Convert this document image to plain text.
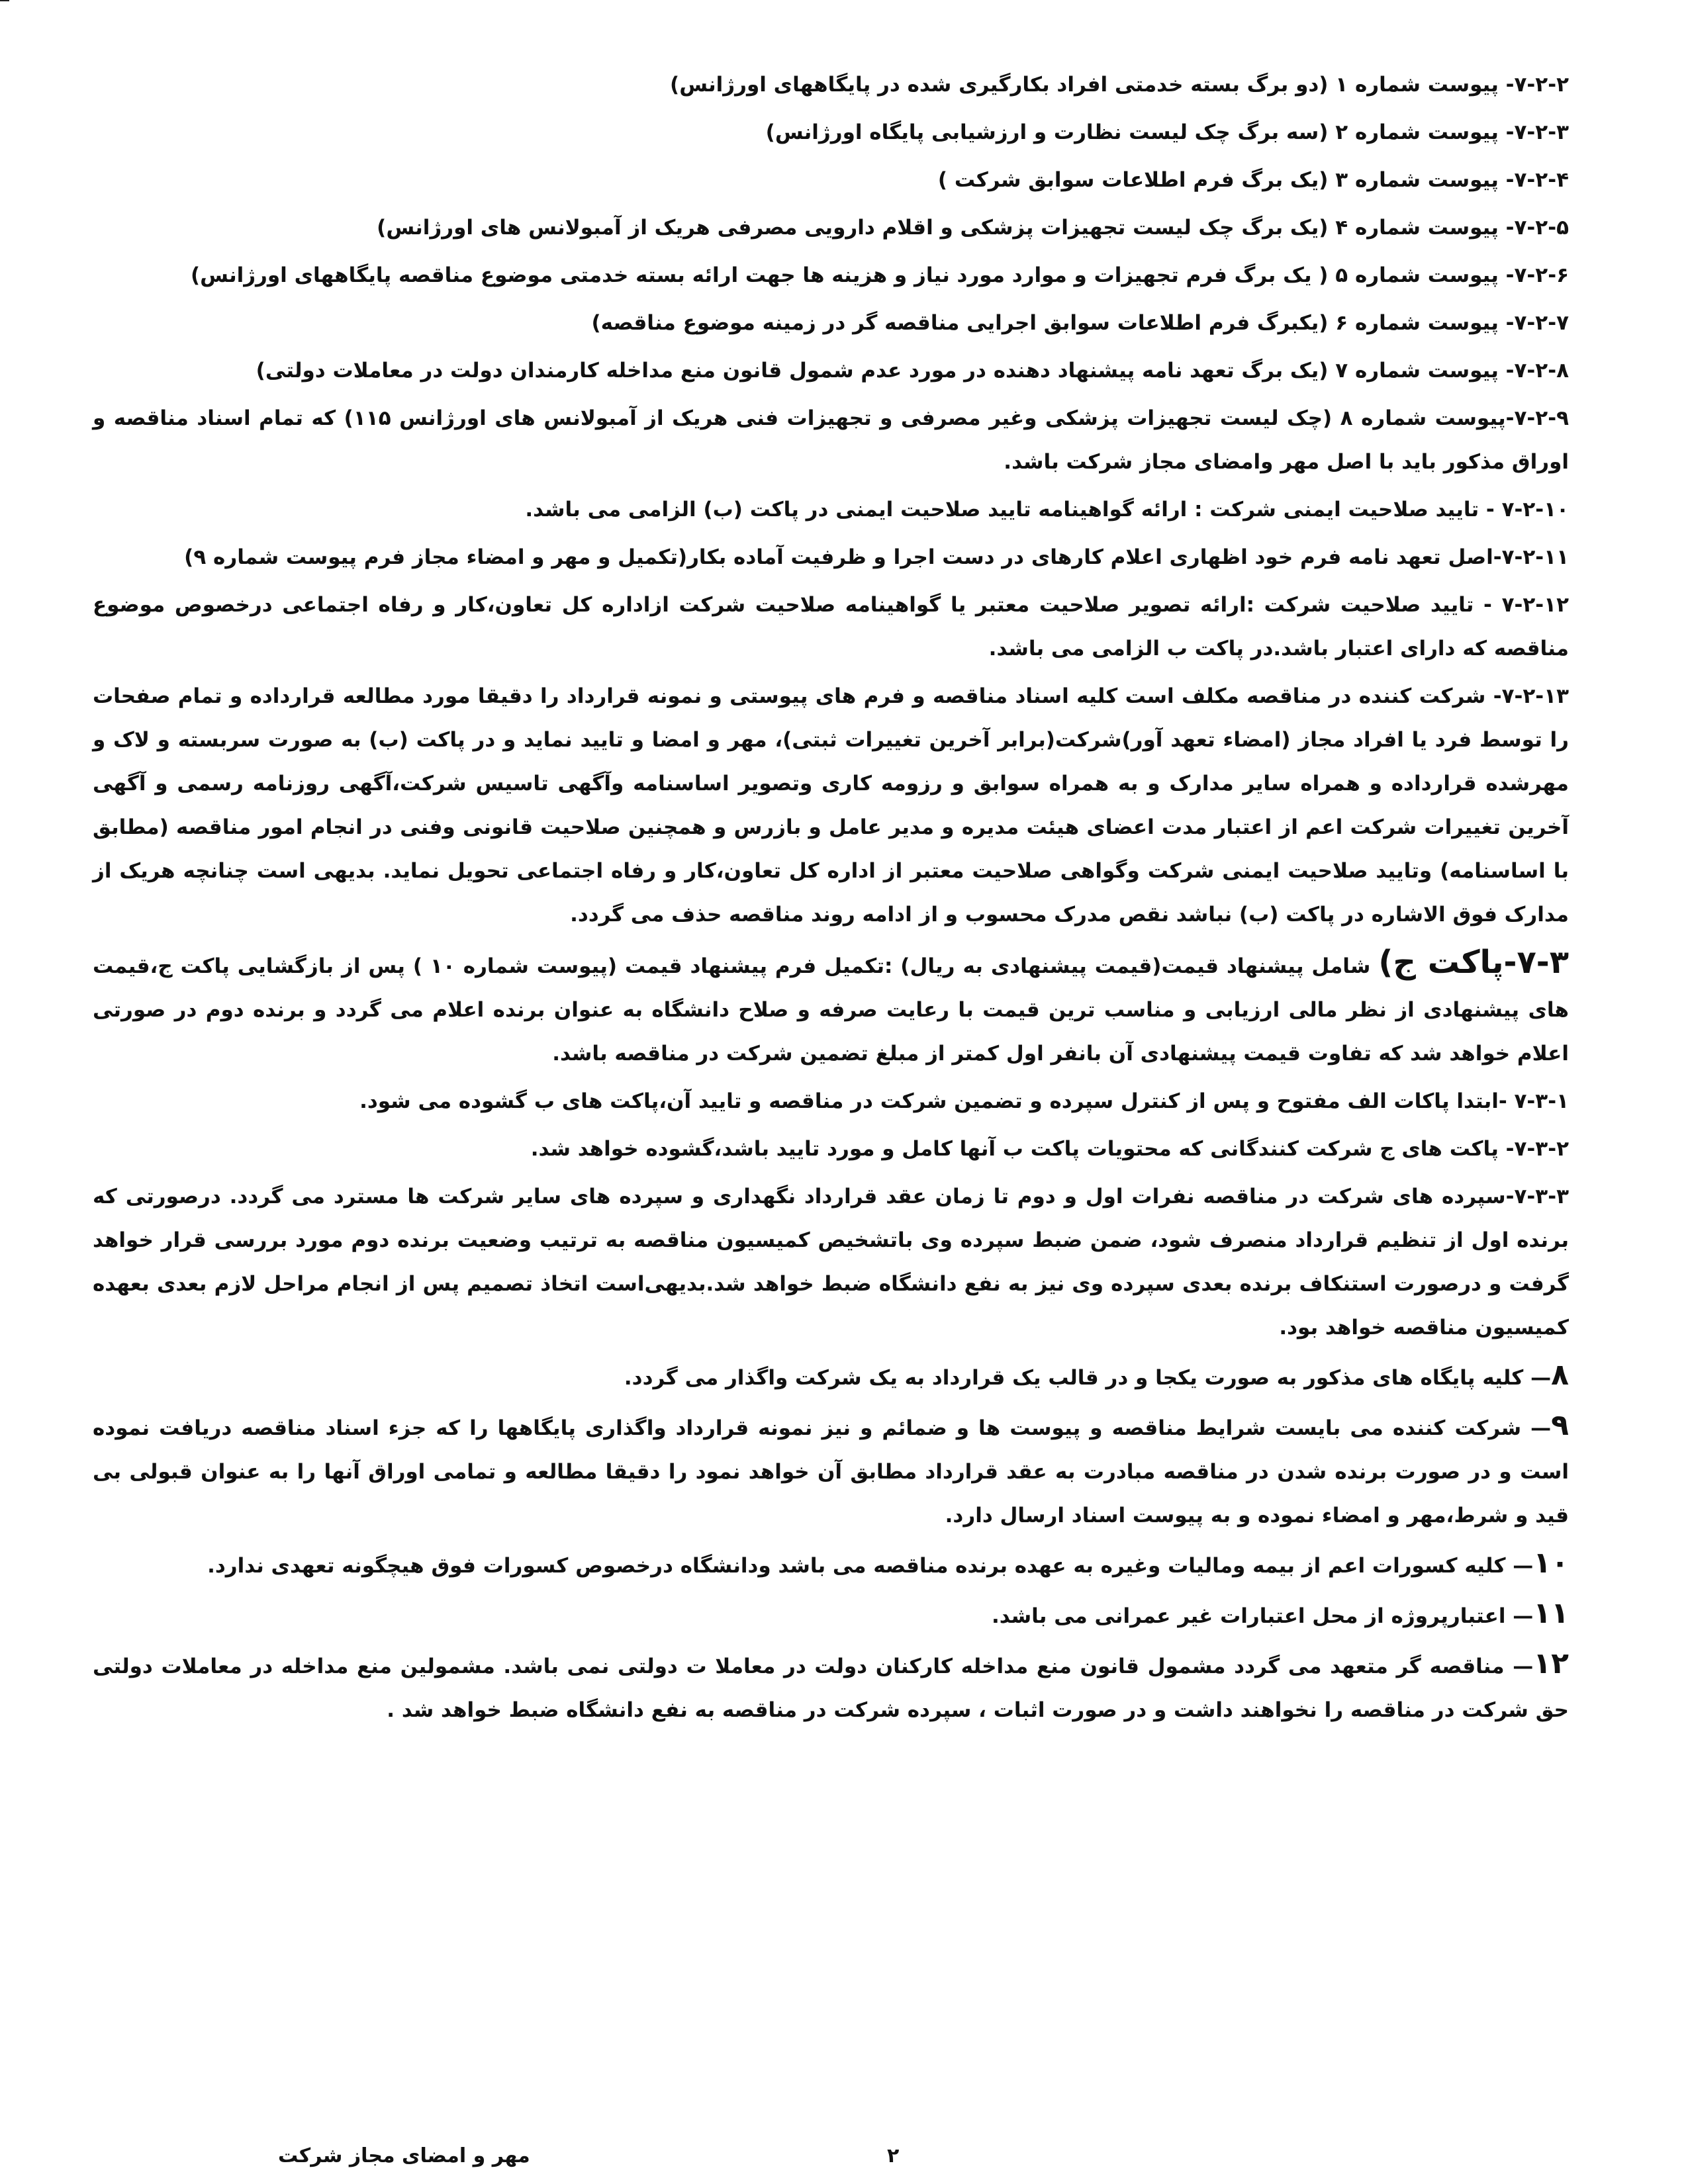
۷-۲-۲- پیوست شماره ۱ (دو برگ بسته خدمتی افراد بکارگیری شده در پایگاههای اورژانس)

۷-۲-۳- پیوست شماره ۲ (سه برگ چک لیست نظارت و ارزشیابی پایگاه اورژانس)

۷-۲-۴- پیوست شماره ۳ (یک برگ فرم اطلاعات سوابق شرکت )

۷-۲-۵- پیوست شماره ۴ (یک برگ چک لیست تجهیزات پزشکی و اقلام دارویی مصرفی هریک از آمبولانس های اورژانس)

۷-۲-۶- پیوست شماره ۵ ( یک برگ فرم تجهیزات و موارد مورد نیاز و هزینه ها جهت ارائه بسته خدمتی موضوع مناقصه پایگاههای اورژانس)

۷-۲-۷- پیوست شماره ۶ (یکبرگ فرم اطلاعات سوابق اجرایی مناقصه گر در زمینه موضوع مناقصه)

۷-۲-۸- پیوست شماره ۷ (یک برگ تعهد نامه پیشنهاد دهنده در مورد عدم شمول قانون منع مداخله کارمندان دولت در معاملات دولتی)

۷-۲-۹-پیوست شماره ۸ (چک لیست تجهیزات پزشکی وغیر مصرفی و تجهیزات فنی هریک از آمبولانس های اورژانس ۱۱۵) که تمام اسناد مناقصه و اوراق مذکور باید با اصل مهر وامضای مجاز شرکت باشد.

۷-۲-۱۰ - تایید صلاحیت ایمنی شرکت : ارائه گواهینامه تایید صلاحیت ایمنی در پاکت (ب) الزامی می باشد.

۷-۲-۱۱-اصل تعهد نامه فرم خود اظهاری اعلام کارهای در دست اجرا و ظرفیت آماده بکار(تکمیل و مهر و امضاء مجاز فرم پیوست شماره ۹)

۷-۲-۱۲ - تایید صلاحیت شرکت :ارائه تصویر صلاحیت معتبر یا گواهینامه صلاحیت شرکت ازاداره کل تعاون،کار و رفاه اجتماعی درخصوص موضوع مناقصه که دارای اعتبار باشد.در پاکت ب الزامی می باشد.

۷-۲-۱۳- شرکت کننده در مناقصه مکلف است کلیه اسناد مناقصه و فرم های پیوستی و نمونه قرارداد را دقیقا مورد مطالعه قرارداده و تمام صفحات را توسط فرد یا افراد مجاز (امضاء تعهد آور)شرکت(برابر آخرین تغییرات ثبتی)، مهر و امضا و تایید نماید و در پاکت (ب) به صورت سربسته و لاک و مهرشده قرارداده و همراه سایر مدارک و به همراه سوابق و رزومه کاری وتصویر اساسنامه وآگهی تاسیس شرکت،آگهی روزنامه رسمی و آگهی آخرین تغییرات شرکت اعم از اعتبار مدت اعضای هیئت مدیره و مدیر عامل و بازرس و همچنین صلاحیت قانونی وفنی در انجام امور مناقصه (مطابق با اساسنامه) وتایید صلاحیت ایمنی شرکت وگواهی صلاحیت معتبر از اداره کل تعاون،کار و رفاه اجتماعی تحویل نماید. بدیهی است چنانچه هریک از مدارک فوق الاشاره در پاکت (ب) نباشد نقص مدرک محسوب و از ادامه روند مناقصه حذف می گردد.

۷-۳-پاکت ج) شامل پیشنهاد قیمت(قیمت پیشنهادی به ریال) :تکمیل فرم پیشنهاد قیمت (پیوست شماره ۱۰ ) پس از بازگشایی پاکت ج،قیمت های پیشنهادی از نظر مالی ارزیابی و مناسب ترین قیمت با رعایت صرفه و صلاح دانشگاه به عنوان برنده اعلام می گردد و برنده دوم در صورتی اعلام خواهد شد که تفاوت قیمت پیشنهادی آن بانفر اول کمتر از مبلغ تضمین شرکت در مناقصه باشد.

۷-۳-۱ -ابتدا پاکات الف مفتوح و پس از کنترل سپرده و تضمین شرکت در مناقصه و تایید آن،پاکت های ب گشوده می شود.

۷-۳-۲- پاکت های ج شرکت کنندگانی که محتویات پاکت ب آنها کامل و مورد تایید باشد،گشوده خواهد شد.

۷-۳-۳-سپرده های شرکت در مناقصه نفرات اول و دوم تا زمان عقد قرارداد نگهداری و سپرده های سایر شرکت ها مسترد می گردد. درصورتی که برنده اول از تنظیم قرارداد منصرف شود، ضمن ضبط سپرده وی باتشخیص کمیسیون مناقصه به ترتیب وضعیت برنده دوم مورد بررسی قرار خواهد گرفت و درصورت استنکاف برنده بعدی سپرده وی نیز به نفع دانشگاه ضبط خواهد شد.بدیهی‌است اتخاذ تصمیم پس از انجام مراحل لازم بعدی بعهده کمیسیون مناقصه خواهد بود.

۸— کلیه پایگاه های مذکور به صورت یکجا و در قالب یک قرارداد به یک شرکت واگذار می گردد.

۹— شرکت کننده می بایست شرایط مناقصه و پیوست ها و ضمائم و نیز نمونه قرارداد واگذاری پایگاهها را که جزء اسناد مناقصه دریافت نموده است و در صورت برنده شدن در مناقصه مبادرت به عقد قرارداد مطابق آن خواهد نمود را دقیقا مطالعه و تمامی اوراق آنها را به عنوان قبولی بی قید و شرط،مهر و امضاء نموده و به پیوست اسناد ارسال دارد.

۱۰— کلیه کسورات اعم از بیمه ومالیات وغیره به عهده برنده مناقصه می باشد ودانشگاه درخصوص کسورات فوق هیچگونه تعهدی ندارد.

۱۱— اعتبارپروژه از محل اعتبارات غیر عمرانی می باشد.

۱۲— مناقصه گر متعهد می گردد مشمول قانون منع مداخله کارکنان دولت در معاملا ت دولتی نمی باشد. مشمولین منع مداخله در معاملات دولتی حق شرکت در مناقصه را نخواهند داشت و در صورت اثبات ، سپرده شرکت در مناقصه به نفع دانشگاه ضبط خواهد شد .

۲
مهر و امضای مجاز شرکت
